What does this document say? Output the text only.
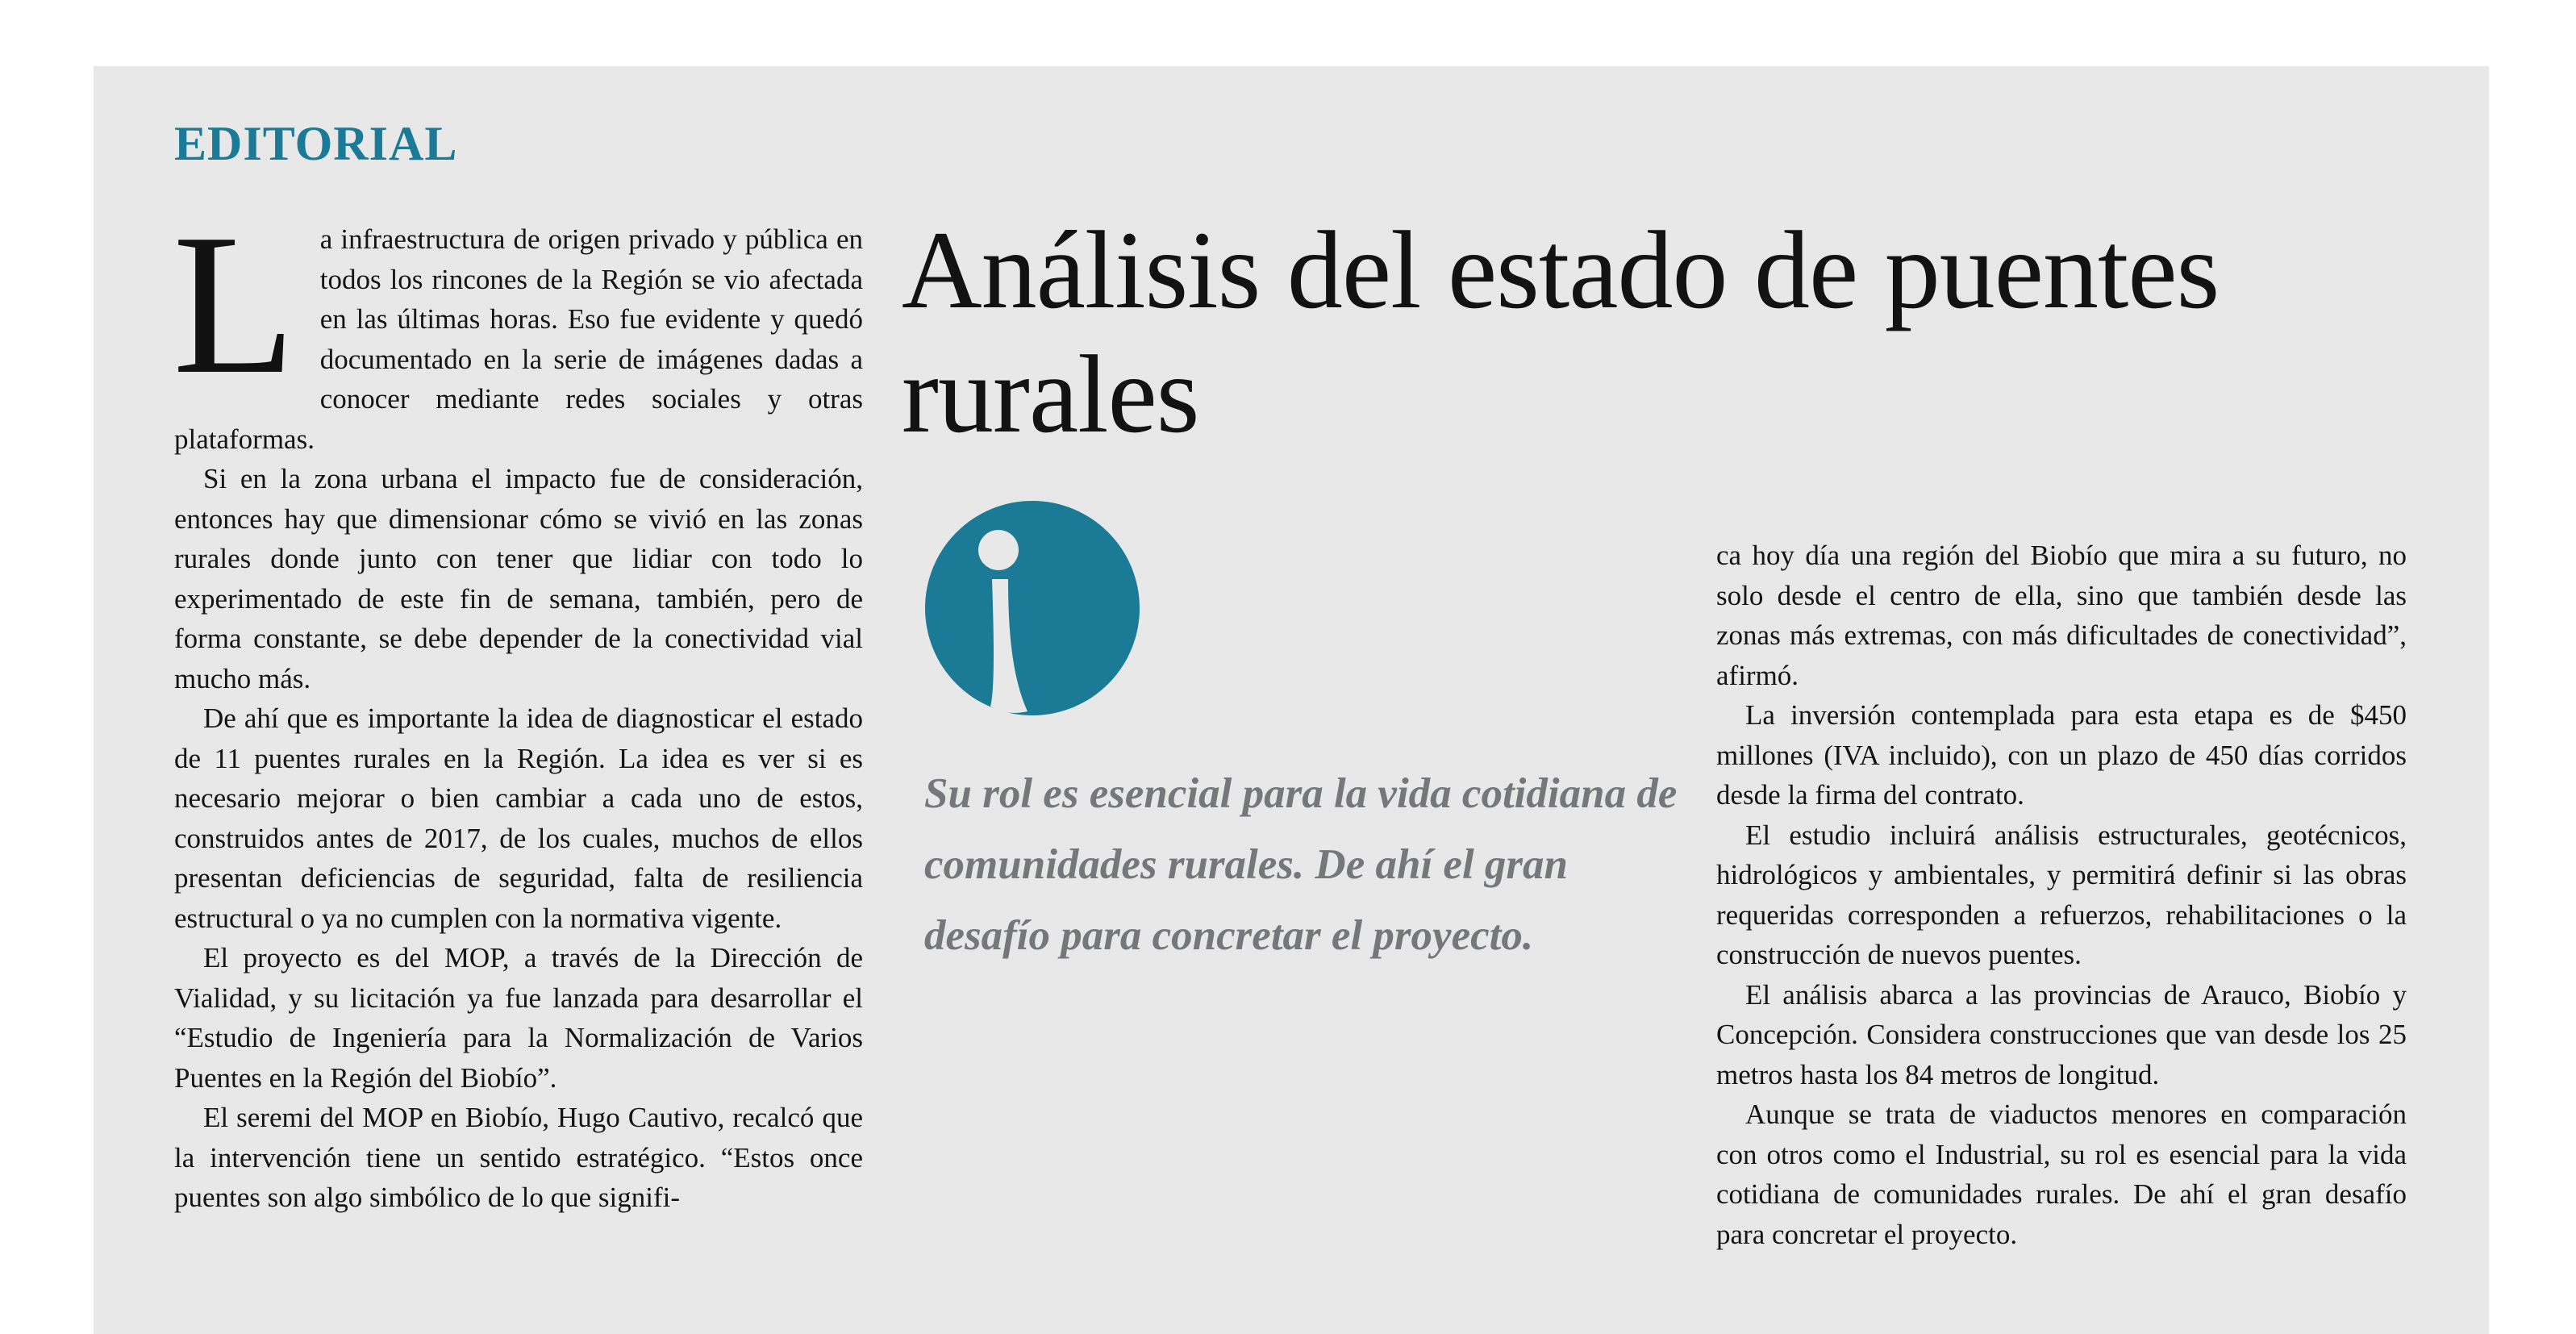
EDITORIAL

La infraestructura de origen privado y pública en todos los rincones de la Región se vio afectada en las últimas horas. Eso fue evidente y quedó documentado en la serie de imágenes dadas a conocer mediante redes sociales y otras plataformas.

Si en la zona urbana el impacto fue de consideración, entonces hay que dimensionar cómo se vivió en las zonas rurales donde junto con tener que lidiar con todo lo experimentado de este fin de semana, también, pero de forma constante, se debe depender de la conectividad vial mucho más.

De ahí que es importante la idea de diagnosticar el estado de 11 puentes rurales en la Región. La idea es ver si es necesario mejorar o bien cambiar a cada uno de estos, construidos antes de 2017, de los cuales, muchos de ellos presentan deficiencias de seguridad, falta de resiliencia estructural o ya no cumplen con la normativa vigente.

El proyecto es del MOP, a través de la Dirección de Vialidad, y su licitación ya fue lanzada para desarrollar el “Estudio de Ingeniería para la Normalización de Varios Puentes en la Región del Biobío”.

El seremi del MOP en Biobío, Hugo Cautivo, recalcó que la intervención tiene un sentido estratégico. “Estos once puentes son algo simbólico de lo que signifi-

Análisis del estado de puentes rurales

Su rol es esencial para la vida cotidiana de comunidades rurales. De ahí el gran desafío para concretar el proyecto.

ca hoy día una región del Biobío que mira a su futuro, no solo desde el centro de ella, sino que también desde las zonas más extremas, con más dificultades de conectividad”, afirmó.

La inversión contemplada para esta etapa es de $450 millones (IVA incluido), con un plazo de 450 días corridos desde la firma del contrato.

El estudio incluirá análisis estructurales, geotécnicos, hidrológicos y ambientales, y permitirá definir si las obras requeridas corresponden a refuerzos, rehabilitaciones o la construcción de nuevos puentes.

El análisis abarca a las provincias de Arauco, Biobío y Concepción. Considera construcciones que van desde los 25 metros hasta los 84 metros de longitud.

Aunque se trata de viaductos menores en comparación con otros como el Industrial, su rol es esencial para la vida cotidiana de comunidades rurales. De ahí el gran desafío para concretar el proyecto.
